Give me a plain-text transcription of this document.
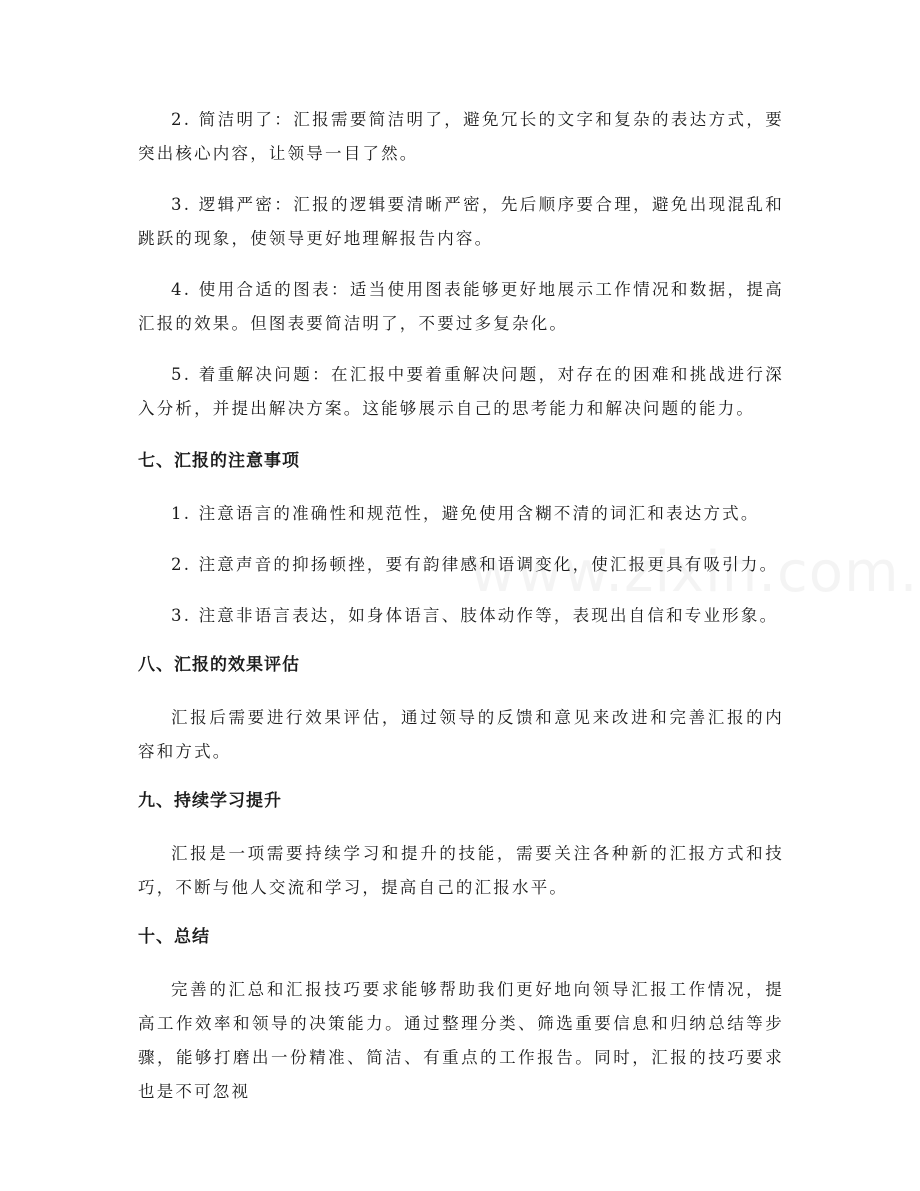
2. 简洁明了：汇报需要简洁明了，避免冗长的文字和复杂的表达方式，要突出核心内容，让领导一目了然。

3. 逻辑严密：汇报的逻辑要清晰严密，先后顺序要合理，避免出现混乱和跳跃的现象，使领导更好地理解报告内容。

4. 使用合适的图表：适当使用图表能够更好地展示工作情况和数据，提高汇报的效果。但图表要简洁明了，不要过多复杂化。

5. 着重解决问题：在汇报中要着重解决问题，对存在的困难和挑战进行深入分析，并提出解决方案。这能够展示自己的思考能力和解决问题的能力。

七、汇报的注意事项

1. 注意语言的准确性和规范性，避免使用含糊不清的词汇和表达方式。

2. 注意声音的抑扬顿挫，要有韵律感和语调变化，使汇报更具有吸引力。

3. 注意非语言表达，如身体语言、肢体动作等，表现出自信和专业形象。

八、汇报的效果评估

汇报后需要进行效果评估，通过领导的反馈和意见来改进和完善汇报的内容和方式。

九、持续学习提升

汇报是一项需要持续学习和提升的技能，需要关注各种新的汇报方式和技巧，不断与他人交流和学习，提高自己的汇报水平。

十、总结

完善的汇总和汇报技巧要求能够帮助我们更好地向领导汇报工作情况，提高工作效率和领导的决策能力。通过整理分类、筛选重要信息和归纳总结等步骤，能够打磨出一份精准、简洁、有重点的工作报告。同时，汇报的技巧要求也是不可忽视
